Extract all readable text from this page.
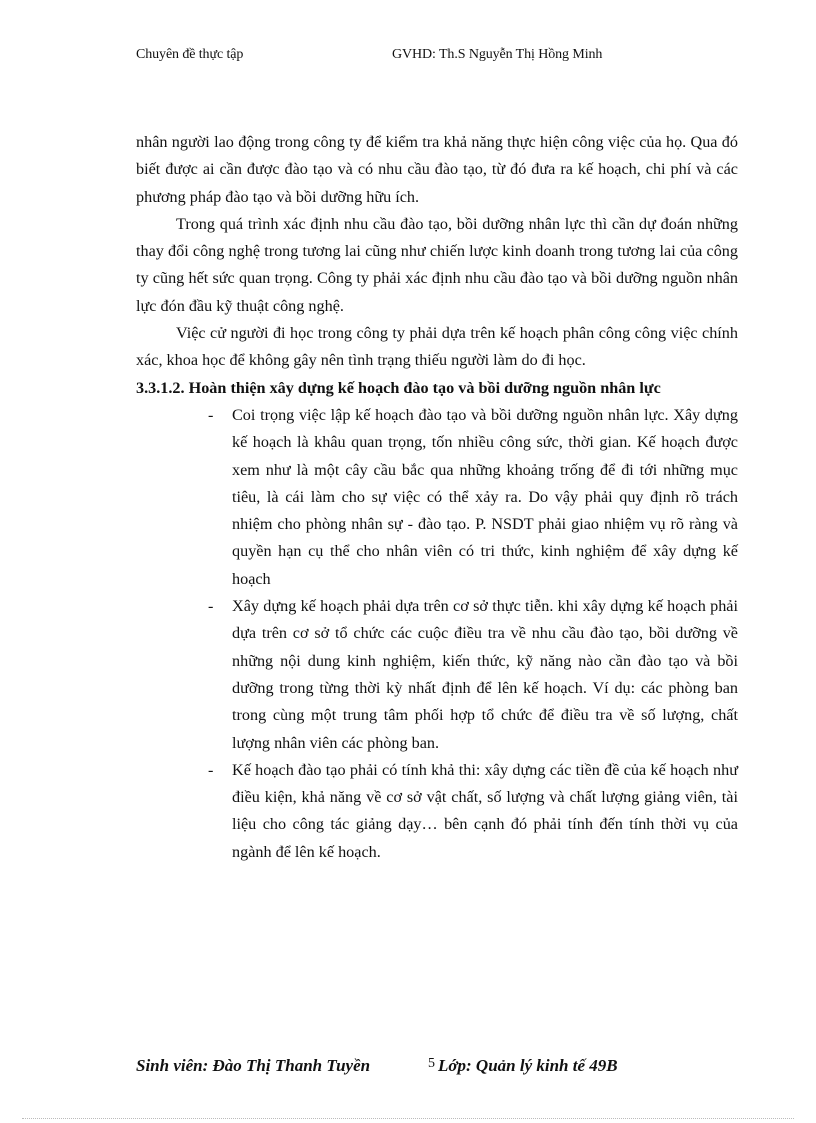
Chuyên đề thực tập	GVHD: Th.S Nguyễn Thị Hồng Minh

nhân người lao động trong công ty để kiểm tra khả năng thực hiện công việc của họ. Qua đó biết được ai cần được đào tạo và có nhu cầu đào tạo, từ đó đưa ra kế hoạch, chi phí và các phương pháp đào tạo và bồi dưỡng hữu ích.

Trong quá trình xác định nhu cầu đào tạo, bồi dưỡng nhân lực thì cần dự đoán những thay đổi công nghệ trong tương lai cũng như chiến lược kinh doanh trong tương lai của công ty cũng hết sức quan trọng. Công ty phải xác định nhu cầu đào tạo và bồi dưỡng nguồn nhân lực đón đầu kỹ thuật công nghệ.

Việc cử người đi học trong công ty phải dựa trên kế hoạch phân công công việc chính xác, khoa học để không gây nên tình trạng thiếu người làm do đi học.

3.3.1.2. Hoàn thiện xây dựng kế hoạch đào tạo và bồi dưỡng nguồn nhân lực

- Coi trọng việc lập kế hoạch đào tạo và bồi dưỡng nguồn nhân lực. Xây dựng kế hoạch là khâu quan trọng, tốn nhiều công sức, thời gian. Kế hoạch được xem như là một cây cầu bắc qua những khoảng trống để đi tới những mục tiêu, là cái làm cho sự việc có thể xảy ra. Do vậy phải quy định rõ trách nhiệm cho phòng nhân sự - đào tạo. P. NSDT phải giao nhiệm vụ rõ ràng và quyền hạn cụ thể cho nhân viên có tri thức, kinh nghiệm để xây dựng kế hoạch
- Xây dựng kế hoạch phải dựa trên cơ sở thực tiễn. khi xây dựng kế hoạch phải dựa trên cơ sở tổ chức các cuộc điều tra về nhu cầu đào tạo, bồi dưỡng về những nội dung kinh nghiệm, kiến thức, kỹ năng nào cần đào tạo và bồi dưỡng trong từng thời kỳ nhất định để lên kế hoạch. Ví dụ: các phòng ban trong cùng một trung tâm phối hợp tổ chức để điều tra về số lượng, chất lượng nhân viên các phòng ban.
- Kế hoạch đào tạo phải có tính khả thi: xây dựng các tiền đề của kế hoạch như điều kiện, khả năng về cơ sở vật chất, số lượng và chất lượng giảng viên, tài liệu cho công tác giảng dạy… bên cạnh đó phải tính đến tính thời vụ của ngành để lên kế hoạch.
Sinh viên: Đào Thị Thanh Tuyền	5 Lớp: Quản lý kinh tế 49B
